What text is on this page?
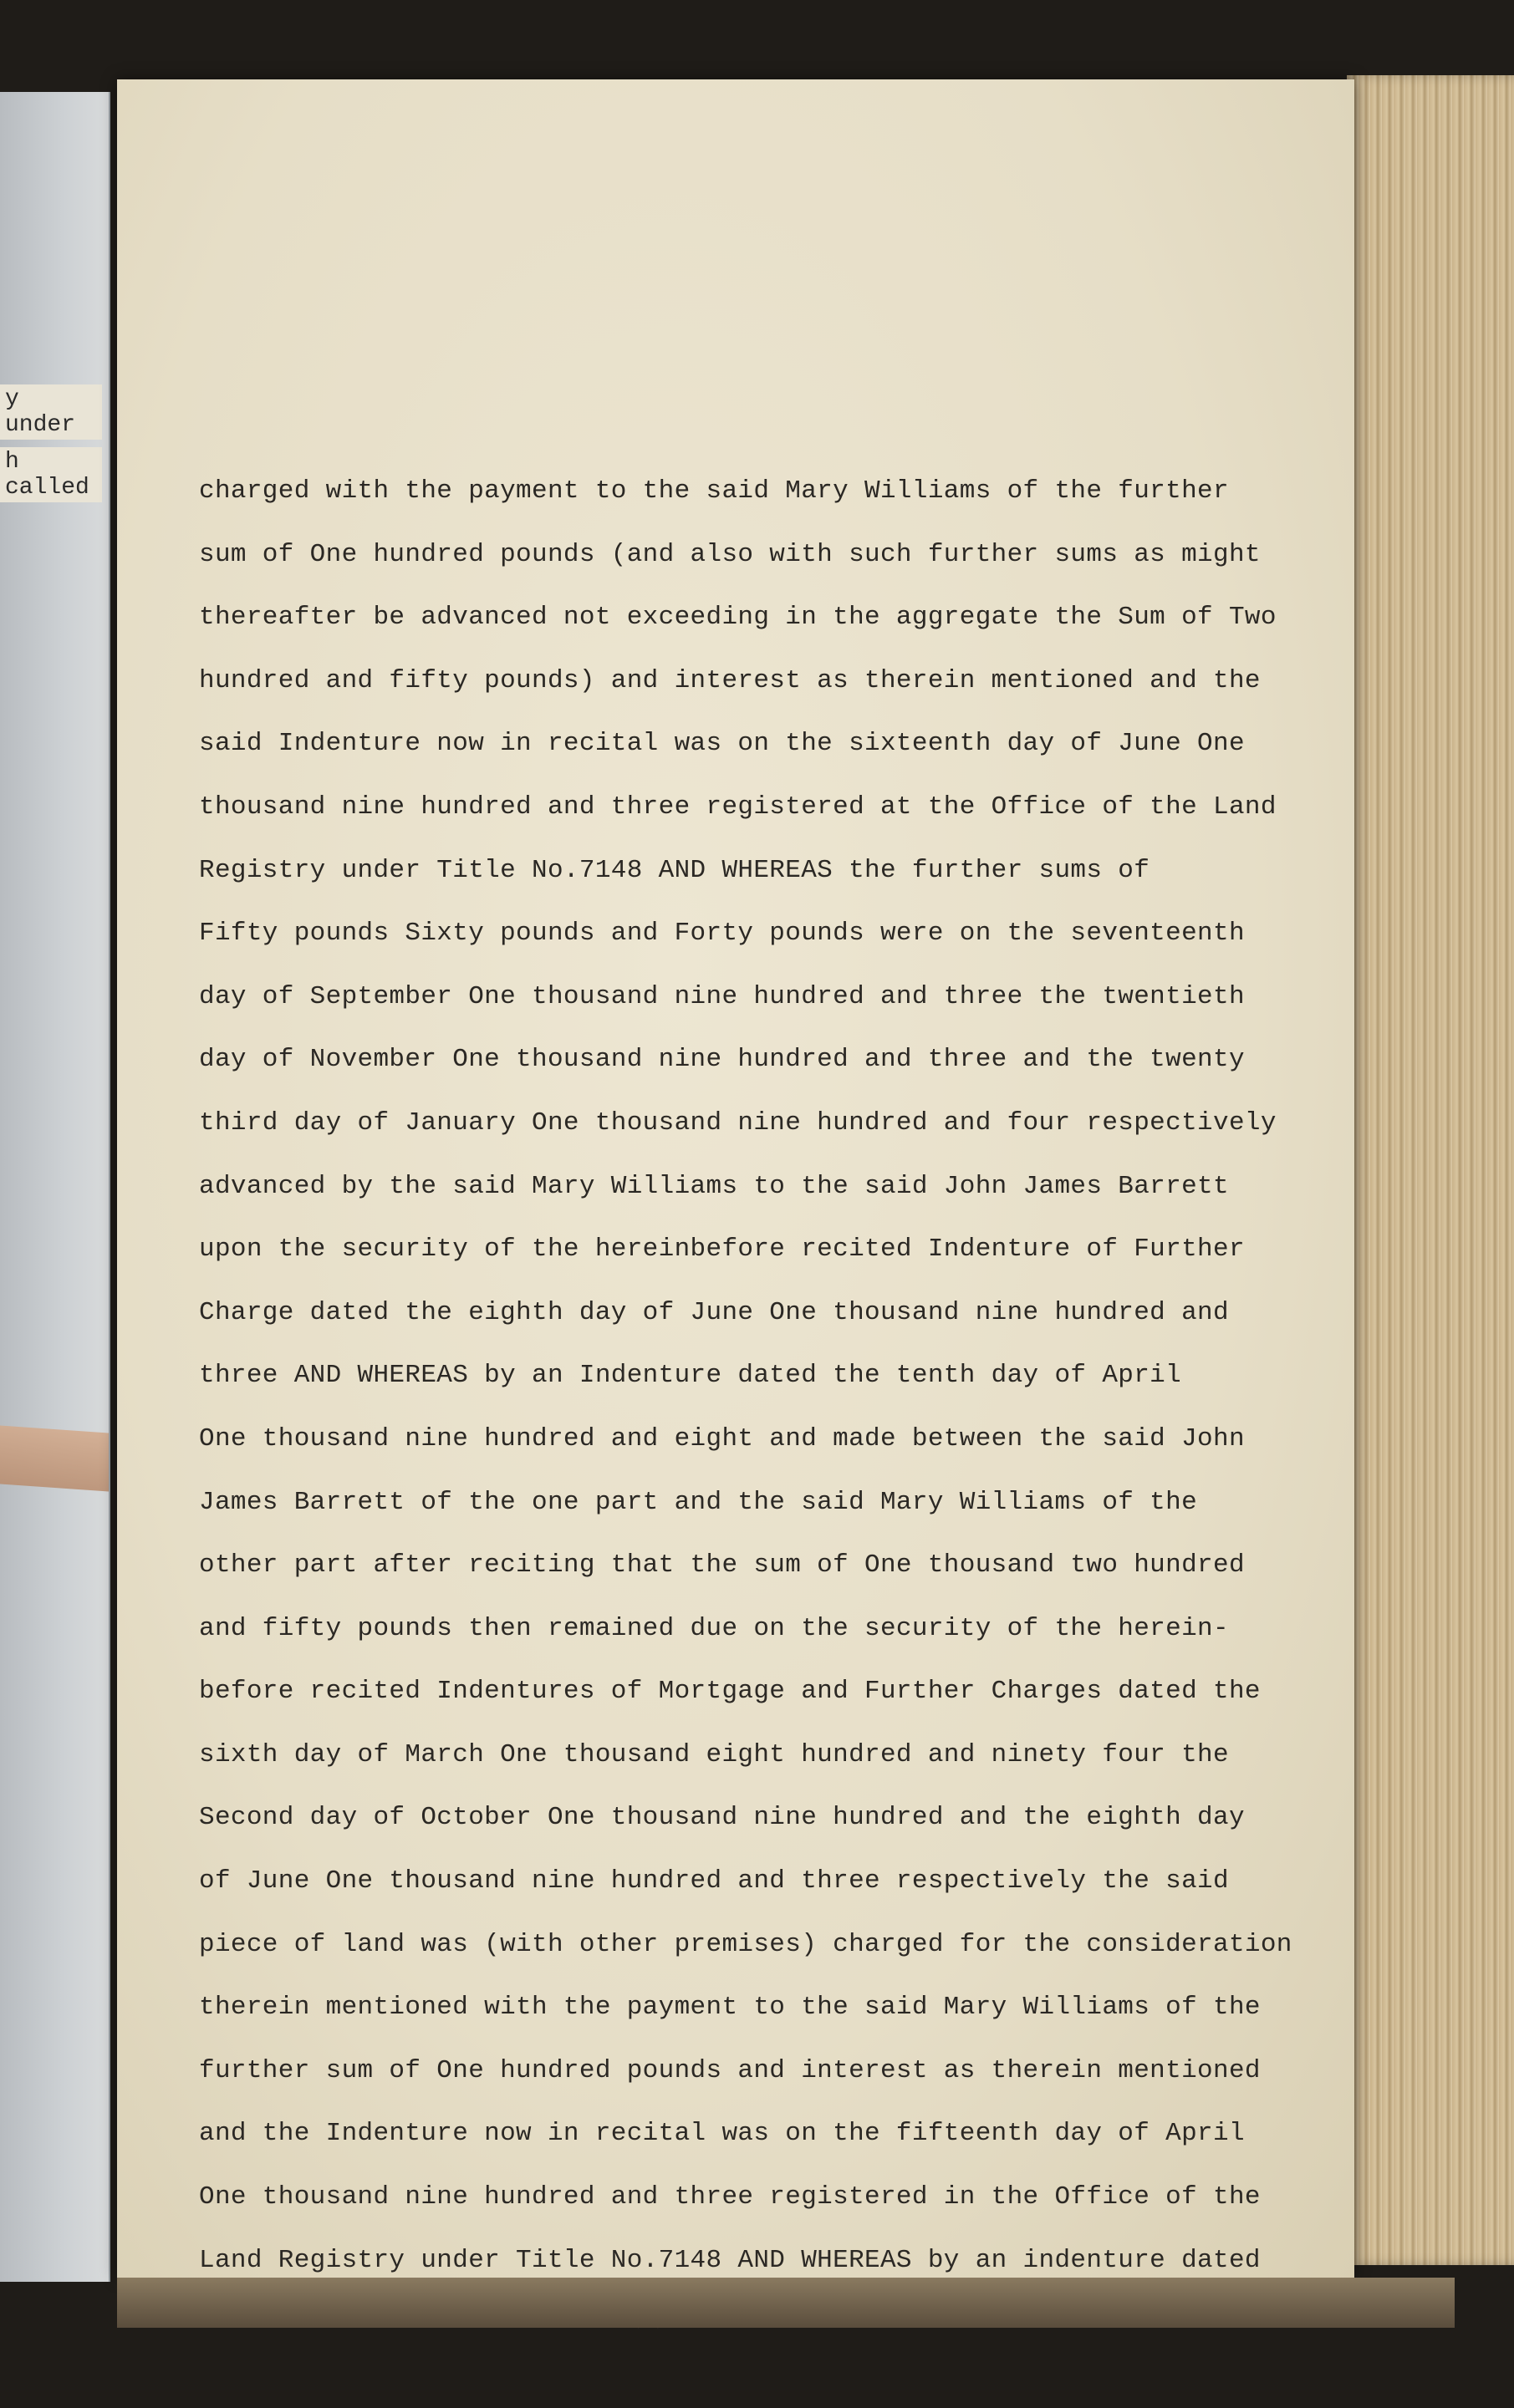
y under
h called	charged with the payment to the said Mary Williams of the further
sum of One hundred pounds (and also with such further sums as might
thereafter be advanced not exceeding in the aggregate the Sum of Two
hundred and fifty pounds) and interest as therein mentioned and the
said Indenture now in recital was on the sixteenth day of June One
thousand nine hundred and three registered at the Office of the Land
Registry under Title No.7148 AND WHEREAS the further sums of
Fifty pounds Sixty pounds and Forty pounds were on the seventeenth
day of September One thousand nine hundred and three the twentieth
day of November One thousand nine hundred and three and the twenty
third day of January One thousand nine hundred and four respectively
advanced by the said Mary Williams to the said John James Barrett
upon the security of the hereinbefore recited Indenture of Further
Charge dated the eighth day of June One thousand nine hundred and
three AND WHEREAS by an Indenture dated the tenth day of April
One thousand nine hundred and eight and made between the said John
James Barrett of the one part and the said Mary Williams of the
other part after reciting that the sum of One thousand two hundred
and fifty pounds then remained due on the security of the herein-
before recited Indentures of Mortgage and Further Charges dated the
sixth day of March One thousand eight hundred and ninety four the
Second day of October One thousand nine hundred and the eighth day
of June One thousand nine hundred and three respectively the said
piece of land was (with other premises) charged for the consideration
therein mentioned with the payment to the said Mary Williams of the
further sum of One hundred pounds and interest as therein mentioned
and the Indenture now in recital was on the fifteenth day of April
One thousand nine hundred and three registered in the Office of the
Land Registry under Title No.7148 AND WHEREAS by an indenture dated
